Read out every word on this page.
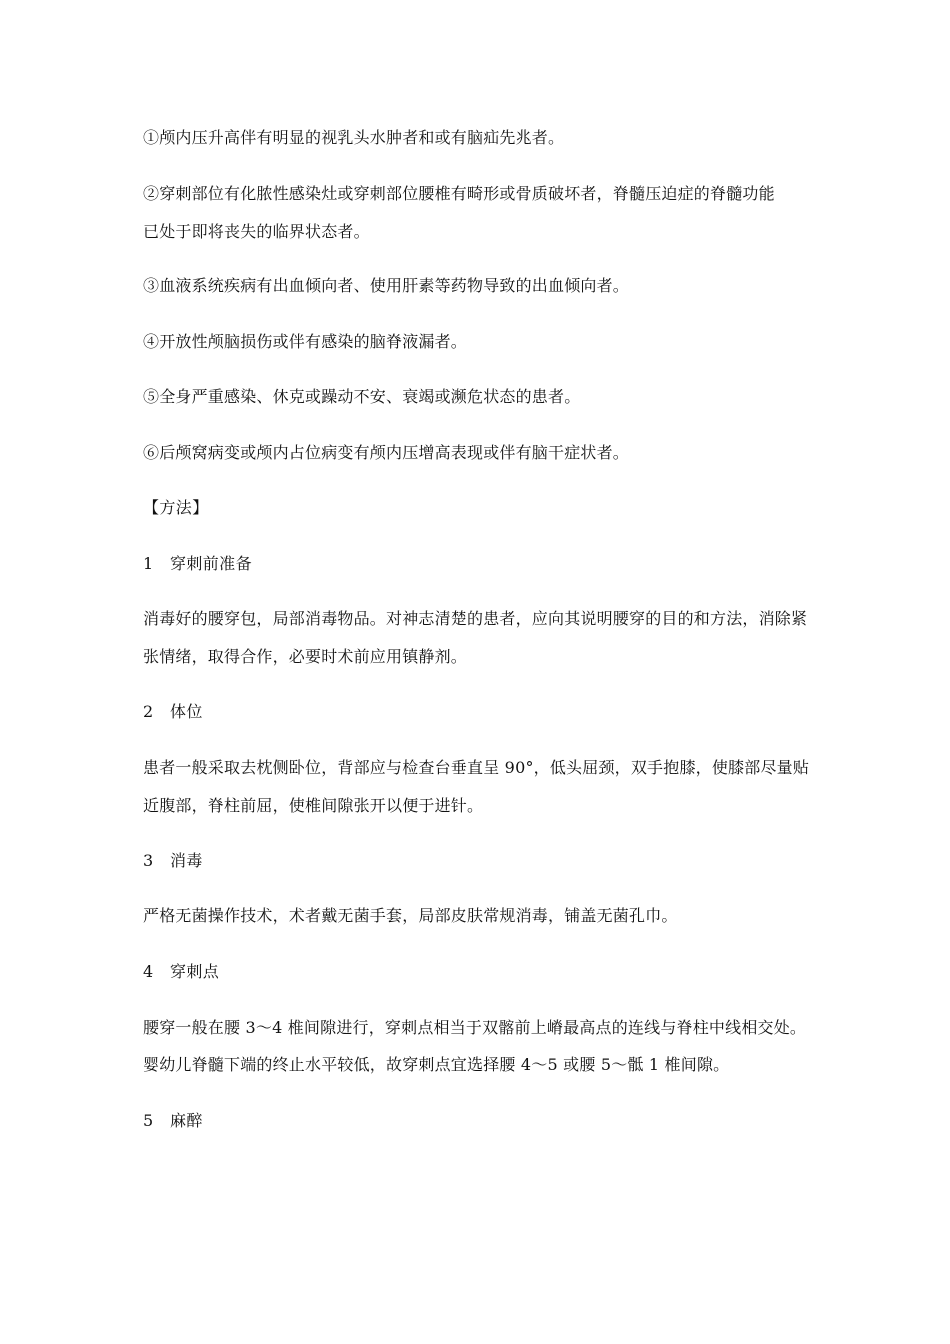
①颅内压升高伴有明显的视乳头水肿者和或有脑疝先兆者。
②穿刺部位有化脓性感染灶或穿刺部位腰椎有畸形或骨质破坏者，脊髓压迫症的脊髓功能
已处于即将丧失的临界状态者。
③血液系统疾病有出血倾向者、使用肝素等药物导致的出血倾向者。
④开放性颅脑损伤或伴有感染的脑脊液漏者。
⑤全身严重感染、休克或躁动不安、衰竭或濒危状态的患者。
⑥后颅窝病变或颅内占位病变有颅内压增高表现或伴有脑干症状者。
【方法】
1　穿刺前准备
消毒好的腰穿包，局部消毒物品。对神志清楚的患者，应向其说明腰穿的目的和方法，消除紧
张情绪，取得合作，必要时术前应用镇静剂。
2　体位
患者一般采取去枕侧卧位，背部应与检查台垂直呈 90°，低头屈颈，双手抱膝，使膝部尽量贴
近腹部，脊柱前屈，使椎间隙张开以便于进针。
3　消毒
严格无菌操作技术，术者戴无菌手套，局部皮肤常规消毒，铺盖无菌孔巾。
4　穿刺点
腰穿一般在腰 3～4 椎间隙进行，穿刺点相当于双髂前上嵴最高点的连线与脊柱中线相交处。
婴幼儿脊髓下端的终止水平较低，故穿刺点宜选择腰 4～5 或腰 5～骶 1 椎间隙。
5　麻醉
